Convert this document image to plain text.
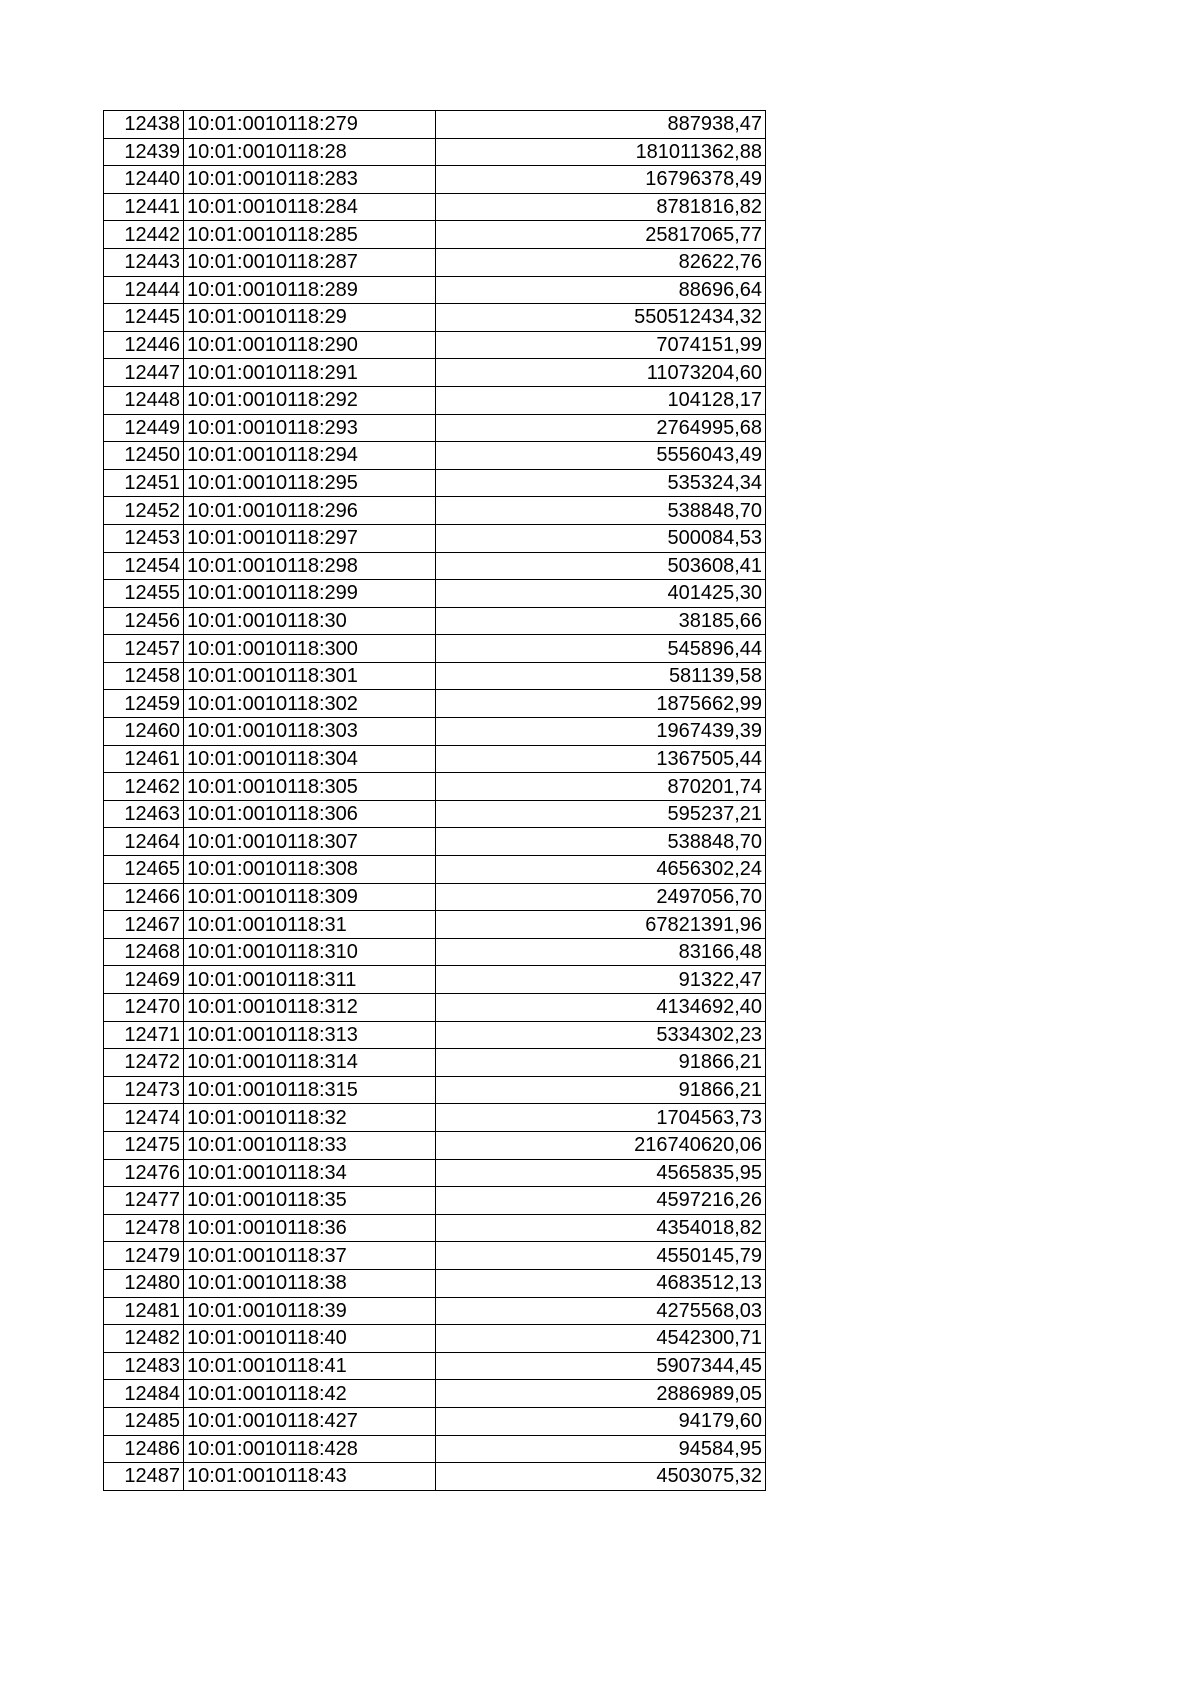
12438	10:01:0010118:279	887938,47
12439	10:01:0010118:28	181011362,88
12440	10:01:0010118:283	16796378,49
12441	10:01:0010118:284	8781816,82
12442	10:01:0010118:285	25817065,77
12443	10:01:0010118:287	82622,76
12444	10:01:0010118:289	88696,64
12445	10:01:0010118:29	550512434,32
12446	10:01:0010118:290	7074151,99
12447	10:01:0010118:291	11073204,60
12448	10:01:0010118:292	104128,17
12449	10:01:0010118:293	2764995,68
12450	10:01:0010118:294	5556043,49
12451	10:01:0010118:295	535324,34
12452	10:01:0010118:296	538848,70
12453	10:01:0010118:297	500084,53
12454	10:01:0010118:298	503608,41
12455	10:01:0010118:299	401425,30
12456	10:01:0010118:30	38185,66
12457	10:01:0010118:300	545896,44
12458	10:01:0010118:301	581139,58
12459	10:01:0010118:302	1875662,99
12460	10:01:0010118:303	1967439,39
12461	10:01:0010118:304	1367505,44
12462	10:01:0010118:305	870201,74
12463	10:01:0010118:306	595237,21
12464	10:01:0010118:307	538848,70
12465	10:01:0010118:308	4656302,24
12466	10:01:0010118:309	2497056,70
12467	10:01:0010118:31	67821391,96
12468	10:01:0010118:310	83166,48
12469	10:01:0010118:311	91322,47
12470	10:01:0010118:312	4134692,40
12471	10:01:0010118:313	5334302,23
12472	10:01:0010118:314	91866,21
12473	10:01:0010118:315	91866,21
12474	10:01:0010118:32	1704563,73
12475	10:01:0010118:33	216740620,06
12476	10:01:0010118:34	4565835,95
12477	10:01:0010118:35	4597216,26
12478	10:01:0010118:36	4354018,82
12479	10:01:0010118:37	4550145,79
12480	10:01:0010118:38	4683512,13
12481	10:01:0010118:39	4275568,03
12482	10:01:0010118:40	4542300,71
12483	10:01:0010118:41	5907344,45
12484	10:01:0010118:42	2886989,05
12485	10:01:0010118:427	94179,60
12486	10:01:0010118:428	94584,95
12487	10:01:0010118:43	4503075,32
